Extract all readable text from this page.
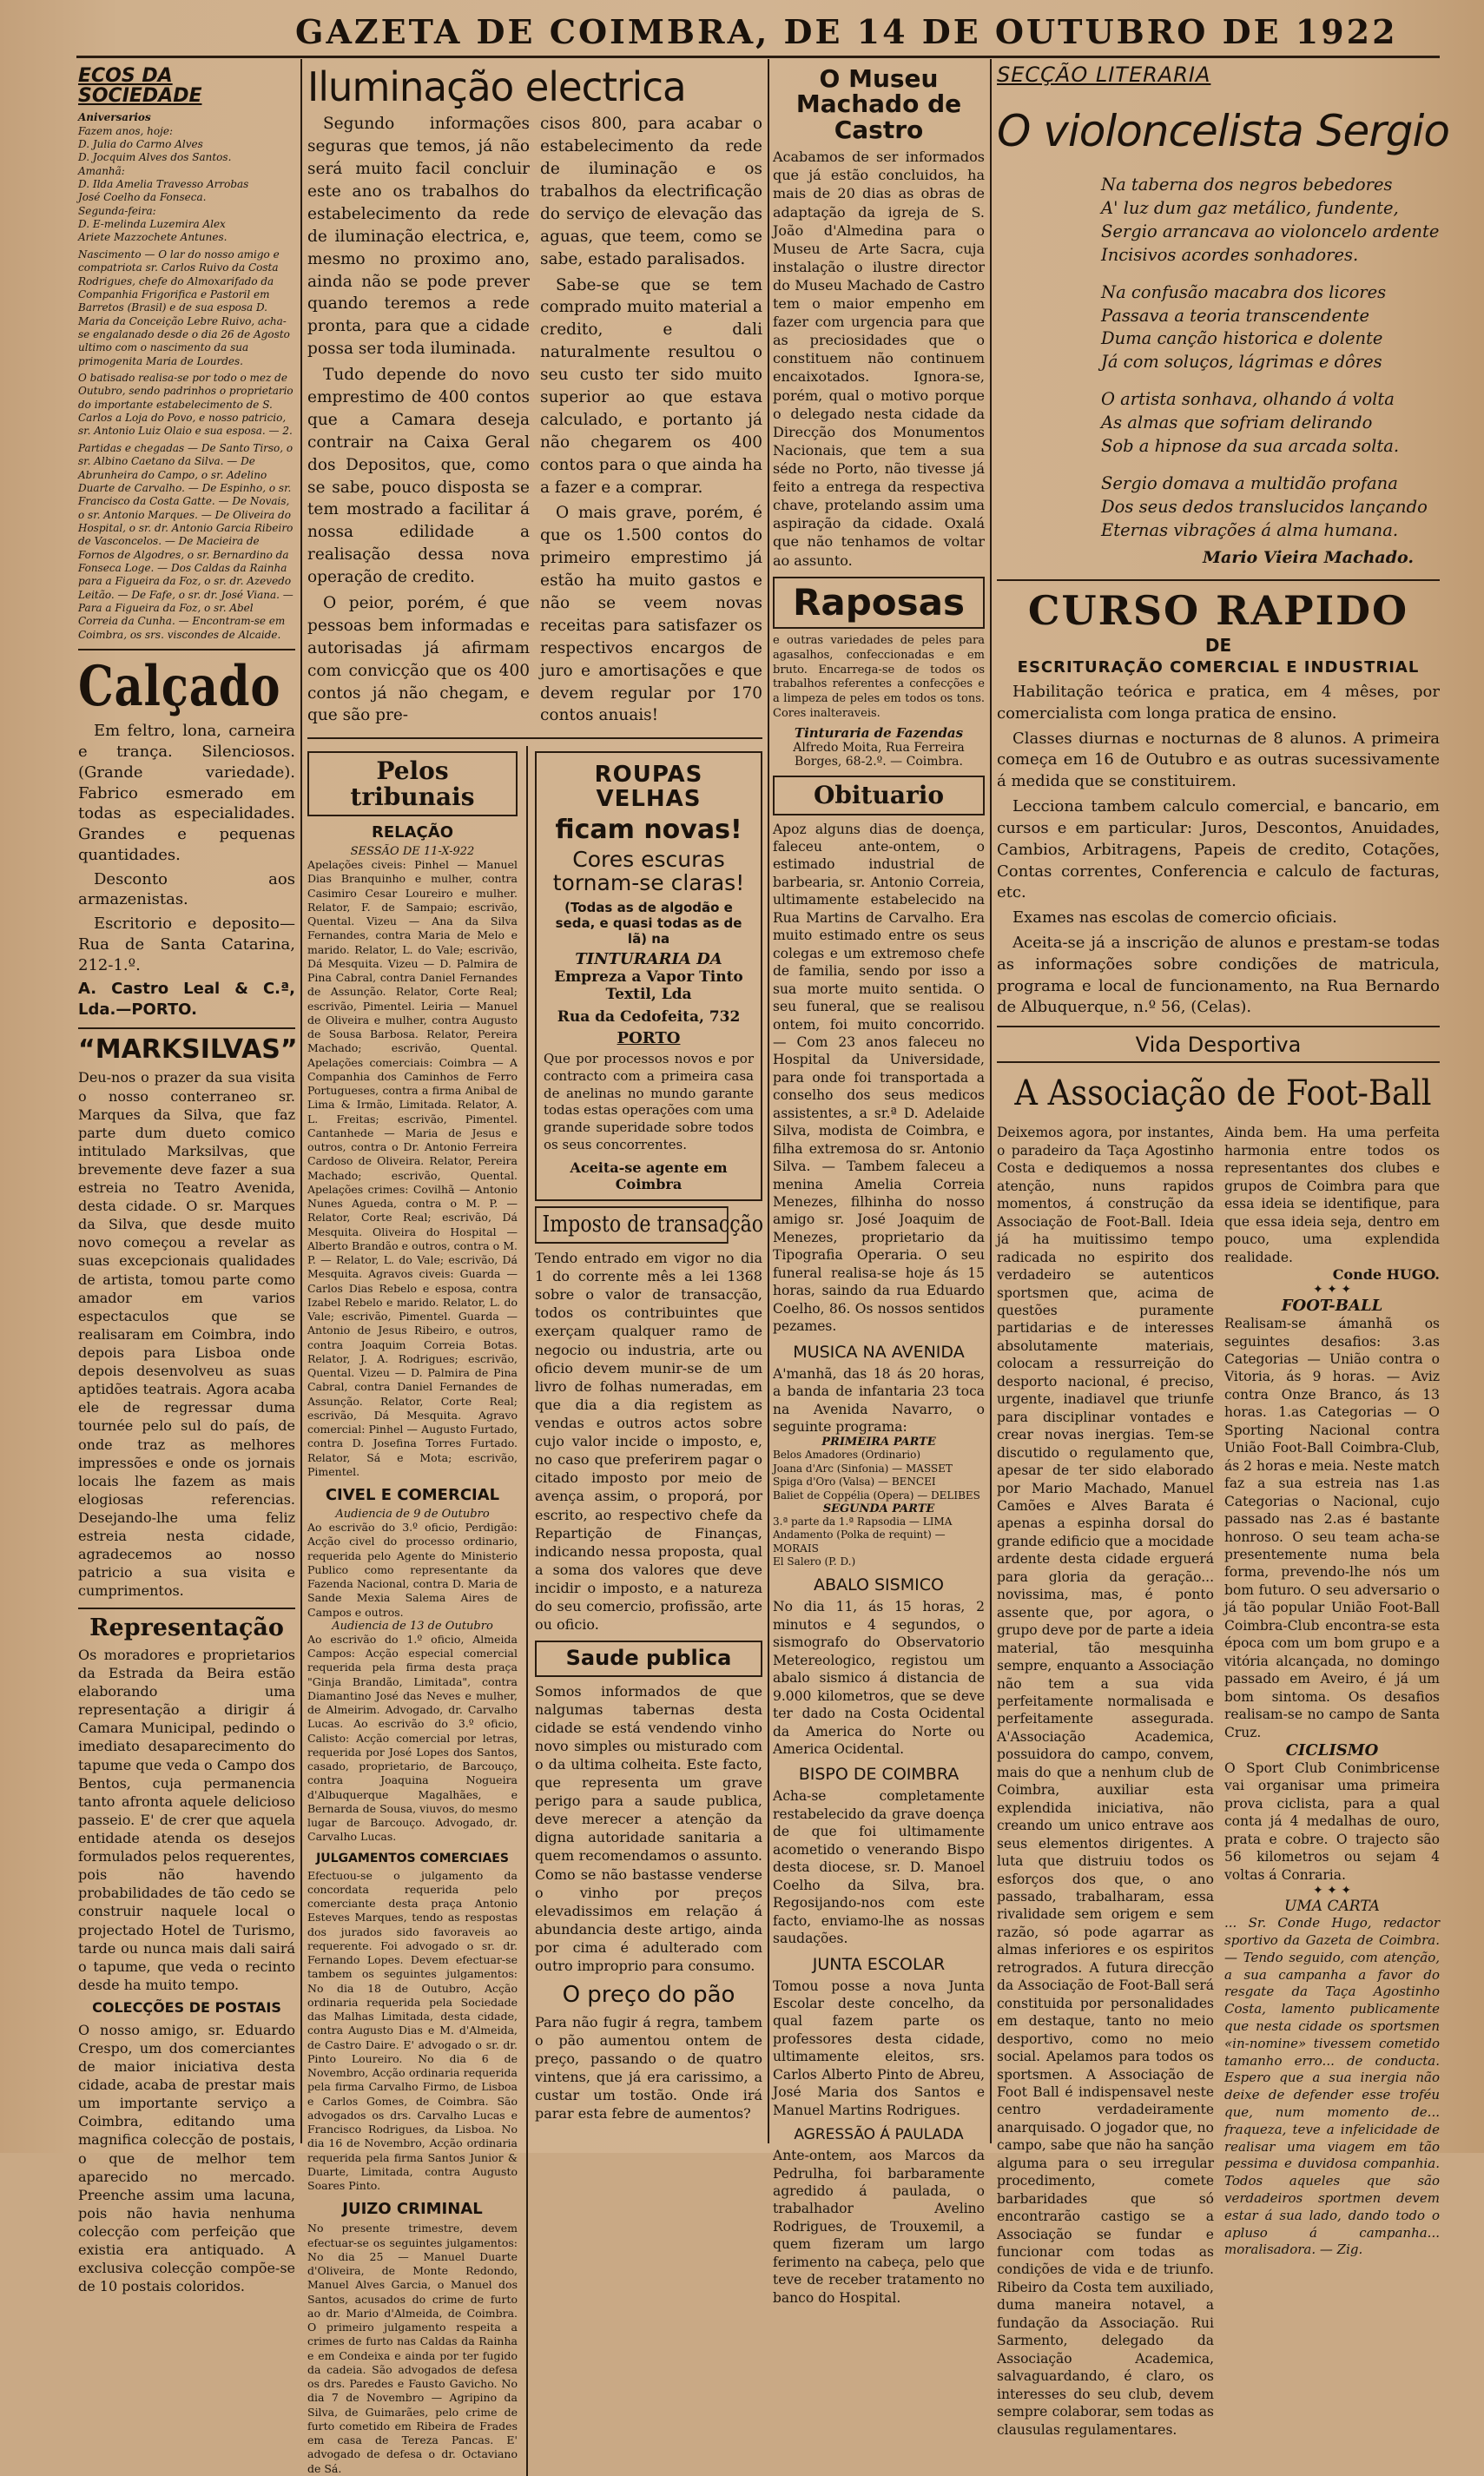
GAZETA DE COIMBRA, DE 14 DE OUTUBRO DE 1922
ECOS DA SOCIEDADE

Aniversarios

Fazem anos, hoje:

D. Julia do Carmo Alves

D. Jocquim Alves dos Santos.

Amanhã:

D. Ilda Amelia Travesso Arrobas

José Coelho da Fonseca.

Segunda-feira:

D. E-melinda Luzemira Alex

Ariete Mazzochete Antunes.

Nascimento — O lar do nosso amigo e compatriota sr. Carlos Ruivo da Costa Rodrigues, chefe do Almoxarifado da Companhia Frigorifica e Pastoril em Barretos (Brasil) e de sua esposa D. Maria da Conceição Lebre Ruivo, acha-se engalanado desde o dia 26 de Agosto ultimo com o nascimento da sua primogenita Maria de Lourdes.

O batisado realisa-se por todo o mez de Outubro, sendo padrinhos o proprietario do importante estabelecimento de S. Carlos a Loja do Povo, e nosso patricio, sr. Antonio Luiz Olaio e sua esposa. — 2.

Partidas e chegadas — De Santo Tirso, o sr. Albino Caetano da Silva. — De Abrunheira do Campo, o sr. Adelino Duarte de Carvalho. — De Espinho, o sr. Francisco da Costa Gatte. — De Novais, o sr. Antonio Marques. — De Oliveira do Hospital, o sr. dr. Antonio Garcia Ribeiro de Vasconcelos. — De Macieira de Fornos de Algodres, o sr. Bernardino da Fonseca Loge. — Dos Caldas da Rainha para a Figueira da Foz, o sr. dr. Azevedo Leitão. — De Fafe, o sr. dr. José Viana. — Para a Figueira da Foz, o sr. Abel Correia da Cunha. — Encontram-se em Coimbra, os srs. viscondes de Alcaide.

Calçado

Em feltro, lona, carneira e trança. Silenciosos. (Grande variedade). Fabrico esmerado em todas as especialidades. Grandes e pequenas quantidades.

Desconto aos armazenistas.

Escritorio e deposito—Rua de Santa Catarina, 212-1.º.

A. Castro Leal & C.ª, Lda.—PORTO.

“MARKSILVAS”
Deu-nos o prazer da sua visita o nosso conterraneo sr. Marques da Silva, que faz parte dum dueto comico intitulado Marksilvas, que brevemente deve fazer a sua estreia no Teatro Avenida, desta cidade. O sr. Marques da Silva, que desde muito novo começou a revelar as suas excepcionais qualidades de artista, tomou parte como amador em varios espectaculos que se realisaram em Coimbra, indo depois para Lisboa onde depois desenvolveu as suas aptidões teatrais. Agora acaba ele de regressar duma tournée pelo sul do país, de onde traz as melhores impressões e onde os jornais locais lhe fazem as mais elogiosas referencias. Desejando-lhe uma feliz estreia nesta cidade, agradecemos ao nosso patricio a sua visita e cumprimentos.
Representação
Os moradores e proprietarios da Estrada da Beira estão elaborando uma representação a dirigir á Camara Municipal, pedindo o imediato desaparecimento do tapume que veda o Campo dos Bentos, cuja permanencia tanto afronta aquele delicioso passeio. E' de crer que aquela entidade atenda os desejos formulados pelos requerentes, pois não havendo probabilidades de tão cedo se construir naquele local o projectado Hotel de Turismo, tarde ou nunca mais dali sairá o tapume, que veda o recinto desde ha muito tempo.
COLECÇÕES DE POSTAIS
O nosso amigo, sr. Eduardo Crespo, um dos comerciantes de maior iniciativa desta cidade, acaba de prestar mais um importante serviço a Coimbra, editando uma magnifica colecção de postais, o que de melhor tem aparecido no mercado. Preenche assim uma lacuna, pois não havia nenhuma colecção com perfeição que existia era antiquado. A exclusiva colecção compõe-se de 10 postais coloridos.
Iluminação electrica

Segundo informações seguras que temos, já não será muito facil concluir este ano os trabalhos do estabelecimento da rede de iluminação electrica, e, mesmo no proximo ano, ainda não se pode prever quando teremos a rede pronta, para que a cidade possa ser toda iluminada.

Tudo depende do novo emprestimo de 400 contos que a Camara deseja contrair na Caixa Geral dos Depositos, que, como se sabe, pouco disposta se tem mostrado a facilitar á nossa edilidade a realisação dessa nova operação de credito.

O peior, porém, é que pessoas bem informadas e autorisadas já afirmam com convicção que os 400 contos já não chegam, e que são pre-

cisos 800, para acabar o estabelecimento da rede de iluminação e os trabalhos da electrificação do serviço de elevação das aguas, que teem, como se sabe, estado paralisados.

Sabe-se que se tem comprado muito material a credito, e dali naturalmente resultou o seu custo ter sido muito superior ao que estava calculado, e portanto já não chegarem os 400 contos para o que ainda ha a fazer e a comprar.

O mais grave, porém, é que os 1.500 contos do primeiro emprestimo já estão ha muito gastos e não se veem novas receitas para satisfazer os respectivos encargos de juro e amortisações e que devem regular por 170 contos anuais!

Pelos tribunais
RELAÇÃO
SESSÃO DE 11-X-922
Apelações civeis: Pinhel — Manuel Dias Branquinho e mulher, contra Casimiro Cesar Loureiro e mulher. Relator, F. de Sampaio; escrivão, Quental. Vizeu — Ana da Silva Fernandes, contra Maria de Melo e marido. Relator, L. do Vale; escrivão, Dá Mesquita. Vizeu — D. Palmira de Pina Cabral, contra Daniel Fernandes de Assunção. Relator, Corte Real; escrivão, Pimentel. Leiria — Manuel de Oliveira e mulher, contra Augusto de Sousa Barbosa. Relator, Pereira Machado; escrivão, Quental. Apelações comerciais: Coimbra — A Companhia dos Caminhos de Ferro Portugueses, contra a firma Anibal de Lima & Irmão, Limitada. Relator, A. L. Freitas; escrivão, Pimentel. Cantanhede — Maria de Jesus e outros, contra o Dr. Antonio Ferreira Cardoso de Oliveira. Relator, Pereira Machado; escrivão, Quental. Apelações crimes: Covilhã — Antonio Nunes Agueda, contra o M. P. — Relator, Corte Real; escrivão, Dá Mesquita. Oliveira do Hospital — Alberto Brandão e outros, contra o M. P. — Relator, L. do Vale; escrivão, Dá Mesquita. Agravos civeis: Guarda — Carlos Dias Rebelo e esposa, contra Izabel Rebelo e marido. Relator, L. do Vale; escrivão, Pimentel. Guarda — Antonio de Jesus Ribeiro, e outros, contra Joaquim Correia Botas. Relator, J. A. Rodrigues; escrivão, Quental. Vizeu — D. Palmira de Pina Cabral, contra Daniel Fernandes de Assunção. Relator, Corte Real; escrivão, Dá Mesquita. Agravo comercial: Pinhel — Augusto Furtado, contra D. Josefina Torres Furtado. Relator, Sá e Mota; escrivão, Pimentel.
CIVEL E COMERCIAL
Audiencia de 9 de Outubro
Ao escrivão do 3.º oficio, Perdigão: Acção civel do processo ordinario, requerida pelo Agente do Ministerio Publico como representante da Fazenda Nacional, contra D. Maria de Sande Mexia Salema Aires de Campos e outros.
Audiencia de 13 de Outubro
Ao escrivão do 1.º oficio, Almeida Campos: Acção especial comercial requerida pela firma desta praça "Ginja Brandão, Limitada", contra Diamantino José das Neves e mulher, de Almeirim. Advogado, dr. Carvalho Lucas. Ao escrivão do 3.º oficio, Calisto: Acção comercial por letras, requerida por José Lopes dos Santos, casado, proprietario, de Barcouço, contra Joaquina Nogueira d'Albuquerque Magalhães, e Bernarda de Sousa, viuvos, do mesmo lugar de Barcouço. Advogado, dr. Carvalho Lucas.
JULGAMENTOS COMERCIAES
Efectuou-se o julgamento da concordata requerida pelo comerciante desta praça Antonio Esteves Marques, tendo as respostas dos jurados sido favoraveis ao requerente. Foi advogado o sr. dr. Fernando Lopes. Devem efectuar-se tambem os seguintes julgamentos: No dia 18 de Outubro, Acção ordinaria requerida pela Sociedade das Malhas Limitada, desta cidade, contra Augusto Dias e M. d'Almeida, de Castro Daire. E' advogado o sr. dr. Pinto Loureiro. No dia 6 de Novembro, Acção ordinaria requerida pela firma Carvalho Firmo, de Lisboa e Carlos Gomes, de Coimbra. São advogados os drs. Carvalho Lucas e Francisco Rodrigues, da Lisboa. No dia 16 de Novembro, Acção ordinaria requerida pela firma Santos Junior & Duarte, Limitada, contra Augusto Soares Pinto.
JUIZO CRIMINAL
No presente trimestre, devem efectuar-se os seguintes julgamentos: No dia 25 — Manuel Duarte d'Oliveira, de Monte Redondo, Manuel Alves Garcia, o Manuel dos Santos, acusados do crime de furto ao dr. Mario d'Almeida, de Coimbra. O primeiro julgamento respeita a crimes de furto nas Caldas da Rainha e em Condeixa e ainda por ter fugido da cadeia. São advogados de defesa os drs. Paredes e Fausto Gavicho. No dia 7 de Novembro — Agripino da Silva, de Guimarães, pelo crime de furto cometido em Ribeira de Frades em casa de Tereza Pancas. E' advogado de defesa o dr. Octaviano de Sá.
ROUPAS VELHAS
ficam novas!
Cores escuras tornam-se claras!
(Todas as de algodão e seda, e quasi todas as de lã) na
TINTURARIA DA
Empreza a Vapor Tinto Textil, Lda
Rua da Cedofeita, 732
PORTO
Que por processos novos e por contracto com a primeira casa de anelinas no mundo garante todas estas operações com uma grande superidade sobre todos os seus concorrentes.
Aceita-se agente em Coimbra
Imposto de transacção
Tendo entrado em vigor no dia 1 do corrente mês a lei 1368 sobre o valor de transacção, todos os contribuintes que exerçam qualquer ramo de negocio ou industria, arte ou oficio devem munir-se de um livro de folhas numeradas, em que dia a dia registem as vendas e outros actos sobre cujo valor incide o imposto, e, no caso que preferirem pagar o citado imposto por meio de avença assim, o proporá, por escrito, ao respectivo chefe da Repartição de Finanças, indicando nessa proposta, qual a soma dos valores que deve incidir o imposto, e a natureza do seu comercio, profissão, arte ou oficio.
Saude publica
Somos informados de que nalgumas tabernas desta cidade se está vendendo vinho novo simples ou misturado com o da ultima colheita. Este facto, que representa um grave perigo para a saude publica, deve merecer a atenção da digna autoridade sanitaria a quem recomendamos o assunto. Como se não bastasse venderse o vinho por preços elevadissimos em relação á abundancia deste artigo, ainda por cima é adulterado com outro improprio para consumo.
O preço do pão
Para não fugir á regra, tambem o pão aumentou ontem de preço, passando o de quatro vintens, que já era carissimo, a custar um tostão. Onde irá parar esta febre de aumentos?
O Museu Machado de Castro
Acabamos de ser informados que já estão concluidos, ha mais de 20 dias as obras de adaptação da igreja de S. João d'Almedina para o Museu de Arte Sacra, cuja instalação o ilustre director do Museu Machado de Castro tem o maior empenho em fazer com urgencia para que as preciosidades que o constituem não continuem encaixotados. Ignora-se, porém, qual o motivo porque o delegado nesta cidade da Direcção dos Monumentos Nacionais, que tem a sua séde no Porto, não tivesse já feito a entrega da respectiva chave, protelando assim uma aspiração da cidade. Oxalá que não tenhamos de voltar ao assunto.
Raposas
e outras variedades de peles para agasalhos, confeccionadas e em bruto. Encarrega-se de todos os trabalhos referentes a confecções e a limpeza de peles em todos os tons. Cores inalteraveis.
Tinturaria de Fazendas
Alfredo Moita, Rua Ferreira Borges, 68-2.º. — Coimbra.
Obituario
Apoz alguns dias de doença, faleceu ante-ontem, o estimado industrial de barbearia, sr. Antonio Correia, ultimamente estabelecido na Rua Martins de Carvalho. Era muito estimado entre os seus colegas e um extremoso chefe de familia, sendo por isso a sua morte muito sentida. O seu funeral, que se realisou ontem, foi muito concorrido. — Com 23 anos faleceu no Hospital da Universidade, para onde foi transportada a conselho dos seus medicos assistentes, a sr.ª D. Adelaide Silva, modista de Coimbra, e filha extremosa do sr. Antonio Silva. — Tambem faleceu a menina Amelia Correia Menezes, filhinha do nosso amigo sr. José Joaquim de Menezes, proprietario da Tipografia Operaria. O seu funeral realisa-se hoje ás 15 horas, saindo da rua Eduardo Coelho, 86. Os nossos sentidos pezames.
MUSICA NA AVENIDA
A'manhã, das 18 ás 20 horas, a banda de infantaria 23 toca na Avenida Navarro, o seguinte programa:
PRIMEIRA PARTE

Belos Amadores (Ordinario)

Joana d'Arc (Sinfonia) — MASSET

Spiga d'Oro (Valsa) — BENCEI

Baliet de Coppélia (Opera) — DELIBES

SEGUNDA PARTE

3.ª parte da 1.ª Rapsodia — LIMA

Andamento (Polka de requint) — MORAIS

El Salero (P. D.)

ABALO SISMICO
No dia 11, ás 15 horas, 2 minutos e 4 segundos, o sismografo do Observatorio Metereologico, registou um abalo sismico á distancia de 9.000 kilometros, que se deve ter dado na Costa Ocidental da America do Norte ou America Ocidental.
BISPO DE COIMBRA
Acha-se completamente restabelecido da grave doença de que foi ultimamente acometido o venerando Bispo desta diocese, sr. D. Manoel Coelho da Silva, bra. Regosijando-nos com este facto, enviamo-lhe as nossas saudações.
JUNTA ESCOLAR
Tomou posse a nova Junta Escolar deste concelho, da qual fazem parte os professores desta cidade, ultimamente eleitos, srs. Carlos Alberto Pinto de Abreu, José Maria dos Santos e Manuel Martins Rodrigues.
AGRESSÃO Á PAULADA
Ante-ontem, aos Marcos da Pedrulha, foi barbaramente agredido á paulada, o trabalhador Avelino Rodrigues, de Trouxemil, a quem fizeram um largo ferimento na cabeça, pelo que teve de receber tratamento no banco do Hospital.
SECÇÃO LITERARIA
O violoncelista Sergio
Na taberna dos negros bebedores
A' luz dum gaz metálico, fundente,
Sergio arrancava ao violoncelo ardente
Incisivos acordes sonhadores.
Na confusão macabra dos licores
Passava a teoria transcendente
Duma canção historica e dolente
Já com soluços, lágrimas e dôres
O artista sonhava, olhando á volta
As almas que sofriam delirando
Sob a hipnose da sua arcada solta.
Sergio domava a multidão profana
Dos seus dedos translucidos lançando
Eternas vibrações á alma humana.
Mario Vieira Machado.
CURSO RAPIDO
DE
ESCRITURAÇÃO COMERCIAL E INDUSTRIAL

Habilitação teórica e pratica, em 4 mêses, por comercialista com longa pratica de ensino.

Classes diurnas e nocturnas de 8 alunos. A primeira começa em 16 de Outubro e as outras sucessivamente á medida que se constituirem.

Lecciona tambem calculo comercial, e bancario, em cursos e em particular: Juros, Descontos, Anuidades, Cambios, Arbitragens, Papeis de credito, Cotações, Contas correntes, Conferencia e calculo de facturas, etc.

Exames nas escolas de comercio oficiais.

Aceita-se já a inscrição de alunos e prestam-se todas as informações sobre condições de matricula, programa e local de funcionamento, na Rua Bernardo de Albuquerque, n.º 56, (Celas).

Vida Desportiva
A Associação de Foot-Ball
Deixemos agora, por instantes, o paradeiro da Taça Agostinho Costa e dediquemos a nossa atenção, nuns rapidos momentos, á construção da Associação de Foot-Ball. Ideia já ha muitissimo tempo radicada no espirito dos verdadeiro se autenticos sportsmen que, acima de questões puramente partidarias e de interesses absolutamente materiais, colocam a ressurreição do desporto nacional, é preciso, urgente, inadiavel que triunfe para disciplinar vontades e crear novas inergias. Tem-se discutido o regulamento que, apesar de ter sido elaborado por Mario Machado, Manuel Camões e Alves Barata é apenas a espinha dorsal do grande edificio que a mocidade ardente desta cidade erguerá para gloria da geração... novissima, mas, é ponto assente que, por agora, o grupo deve por de parte a ideia material, tão mesquinha sempre, enquanto a Associação não tem a sua vida perfeitamente normalisada e perfeitamente assegurada. A'Associação Academica, possuidora do campo, convem, mais do que a nenhum club de Coimbra, auxiliar esta explendida iniciativa, não creando um unico entrave aos seus elementos dirigentes. A luta que distruiu todos os esforços dos que, o ano passado, trabalharam, essa rivalidade sem origem e sem razão, só pode agarrar as almas inferiores e os espiritos retrogrados. A futura direcção da Associação de Foot-Ball será constituida por personalidades em destaque, tanto no meio desportivo, como no meio social. Apelamos para todos os sportsmen. A Associação de Foot Ball é indispensavel neste centro verdadeiramente anarquisado. O jogador que, no campo, sabe que não ha sanção alguma para o seu irregular procedimento, comete barbaridades que só encontrarão castigo se a Associação se fundar e funcionar com todas as condições de vida e de triunfo. Ribeiro da Costa tem auxiliado, duma maneira notavel, a fundação da Associação. Rui Sarmento, delegado da Associação Academica, salvaguardando, é claro, os interesses do seu club, devem sempre colaborar, sem todas as clausulas regulamentares.
Ainda bem. Ha uma perfeita harmonia entre todos os representantes dos clubes e grupos de Coimbra para que essa ideia se identifique, para que essa ideia seja, dentro em pouco, uma explendida realidade.
Conde HUGO.
✦ ✦ ✦
FOOT-BALL
Realisam-se ámanhã os seguintes desafios: 3.as Categorias — União contra o Vitoria, ás 9 horas. — Aviz contra Onze Branco, ás 13 horas. 1.as Categorias — O Sporting Nacional contra União Foot-Ball Coimbra-Club, ás 2 horas e meia. Neste match faz a sua estreia nas 1.as Categorias o Nacional, cujo passado nas 2.as é bastante honroso. O seu team acha-se presentemente numa bela forma, prevendo-lhe nós um bom futuro. O seu adversario o já tão popular União Foot-Ball Coimbra-Club encontra-se esta época com um bom grupo e a vitória alcançada, no domingo passado em Aveiro, é já um bom sintoma. Os desafios realisam-se no campo de Santa Cruz.
CICLISMO
O Sport Club Conimbricense vai organisar uma primeira prova ciclista, para a qual conta já 4 medalhas de ouro, prata e cobre. O trajecto são 56 kilometros ou sejam 4 voltas á Conraria.
✦ ✦ ✦
UMA CARTA
... Sr. Conde Hugo, redactor sportivo da Gazeta de Coimbra. — Tendo seguido, com atenção, a sua campanha a favor do resgate da Taça Agostinho Costa, lamento publicamente que nesta cidade os sportsmen «in-nomine» tivessem cometido tamanho erro... de conducta. Espero que a sua inergia não deixe de defender esse troféu que, num momento de... fraqueza, teve a infelicidade de realisar uma viagem em tão pessima e duvidosa companhia. Todos aqueles que são verdadeiros sportmen devem estar á sua lado, dando todo o apluso á campanha... moralisadora. — Zig.
